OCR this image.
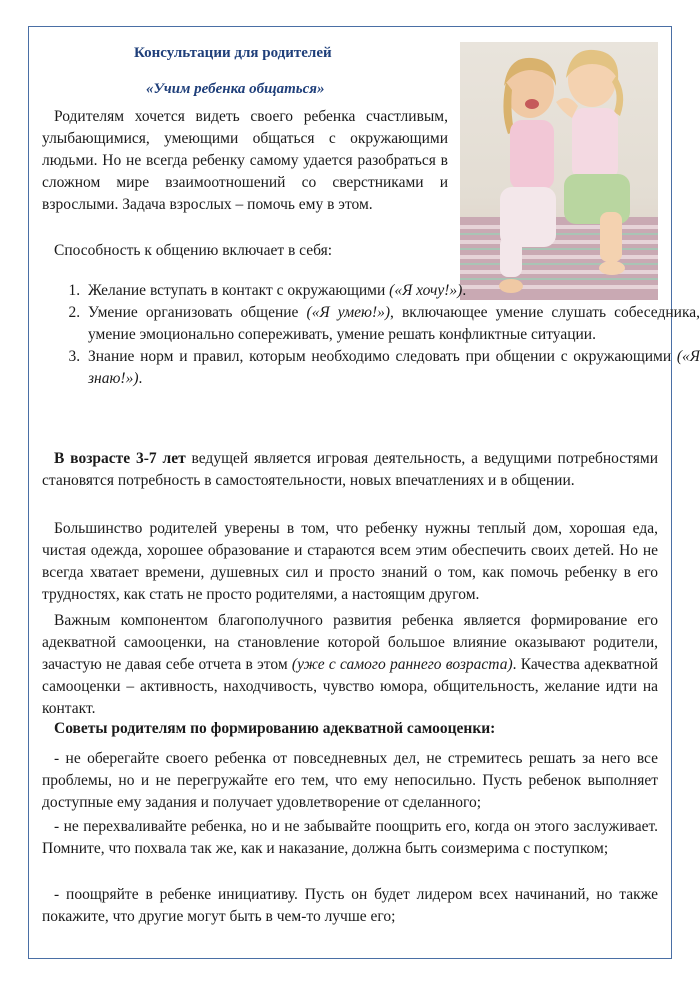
Консультации для родителей
«Учим ребенка общаться»

Родителям хочется видеть своего ребенка счастливым, улыбающимися, умеющими общаться с окружающими людьми. Но не всегда ребенку самому удается разобраться в сложном мире взаимоотношений со сверстниками и взрослыми. Задача взрослых – помочь ему в этом.

Способность к общению включает в себя:

1. Желание вступать в контакт с окружающими («Я хочу!»).
2. Умение организовать общение («Я умею!»), включающее умение слушать собеседника, умение эмоционально сопереживать, умение решать конфликтные ситуации.
3. Знание норм и правил, которым необходимо следовать при общении с окружающими («Я знаю!»).

В возрасте 3-7 лет ведущей является игровая деятельность, а ведущими потребностями становятся потребность в самостоятельности, новых впечатлениях и в общении.

Большинство родителей уверены в том, что ребенку нужны теплый дом, хорошая еда, чистая одежда, хорошее образование и стараются всем этим обеспечить своих детей. Но не всегда хватает времени, душевных сил и просто знаний о том, как помочь ребенку в его трудностях, как стать не просто родителями, а настоящим другом.

Важным компонентом благополучного развития ребенка является формирование его адекватной самооценки, на становление которой большое влияние оказывают родители, зачастую не давая себе отчета в этом (уже с самого раннего возраста). Качества адекватной самооценки – активность, находчивость, чувство юмора, общительность, желание идти на контакт.

Советы родителям по формированию адекватной самооценки:

- не оберегайте своего ребенка от повседневных дел, не стремитесь решать за него все проблемы, но и не перегружайте его тем, что ему непосильно. Пусть ребенок выполняет доступные ему задания и получает удовлетворение от сделанного;

- не перехваливайте ребенка, но и не забывайте поощрить его, когда он этого заслуживает. Помните, что похвала так же, как и наказание, должна быть соизмерима с поступком;

- поощряйте в ребенке инициативу. Пусть он будет лидером всех начинаний, но также покажите, что другие могут быть в чем-то лучше его;
